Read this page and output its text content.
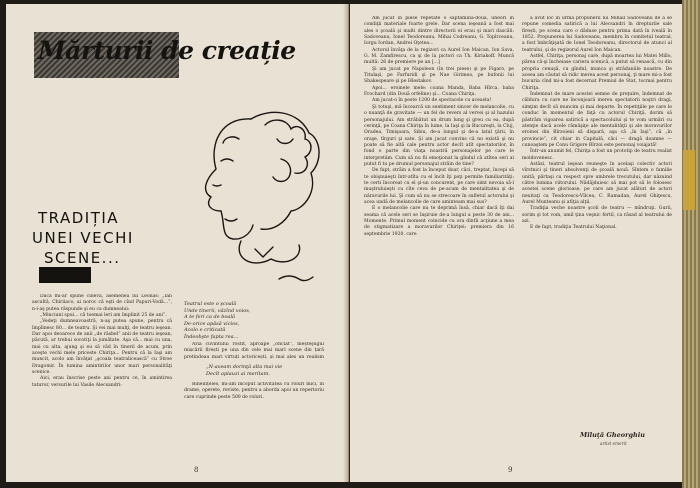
Mărturii de creație
TRADIȚIA
UNEI VECHI
SCENE...

Dacă mi-ar spune cineva, asemenea lui Leonas: „Ian ascultă, Chiriiaco, ai noroc că eşti de cînd Papuri-Vodă...”, n-i-aş putea răspunde şi eu ca dumnealui:

„Minciuni spui... că toemai leri am împlinit 25 de ani”.

„Vedeţi dumneavoastră, n-aş putea spune, pentru că împlinesc 80... de teatru. Şi vei mai mulţi, de teatru ieşean. Dar apoi deoarece de anii „de răsbel” anii de teatru ieşean, păcută, ar trebui socotiţi la jumătate. Aşa că... mai cu una, mai cu alta, ajung şi eu să văd în tinerii de acum, prin aceşte vechi mele priceste Chiriţa... Pentru că la Iaşi am muncit, acolo am învăţat „şcoala teatralicească” cu Stroe Dragomir. În lumina amintirilor unor mari personalităţi scenice.

Aici, erau înscrise peste ani pentru ce, în amintirea taturor, versurile lui Vasile Alecsandri:

Teatrul este o şcoală
Unde tinerii, văzînd voios,
A te feri ca de boală
De-orice apăsă vicios,
Acolo e criticată
Îndeobşte fapta rea...

Aria cuvîntului rostit, aproape „oficiat”, meșteşugul mișcării firești pe una din cele mai mari scene din țară pretindeau mari virtuți actoricești, și mai ales un realism

„N-aveam dorinţă alta mai vie
Decît aplauzi ai meritam.

Bineînțeles, mi-am încoput activitatea cu roluri mici, în drame, operete, reviste, pentru a aborda apoi un repertoriu care cuprinde peste 500 de roluri.

8

Am jucat în piese repetate o săptămînă-două, uneori în condiţii materiale foarte grele. Dar scena ieşeană a fost mai ales o şcoală şi multi dintre directorii ei erau şi mari dascăli: Sadoveanu, Ionel Teodoreanu, Mihai Codreanu, G. Topîrceanu, Iorgu Iordan, Andrei Oţetea...

Actorul învăţa de la regizori ca Aurel Ion Maican, Ion Sava, G. M. Zamfirescu, ca şi de la pictori ca Th. Kiriakoff. Muncă multă: 26 de premiere pe an [...]

Şi am jucat pe Napoleon (în trei piese) şi pe Figaro, pe Titulaşi, pe Farfuridi şi pe Nae Girimea, pe bufonii lui Shakespeare şi pe Hlestakov.

Apoi... eroinele mele: coana Manda, Baba Hîrca, baba Frochard (din Două orfeline) şi... Coana Chiriţa.

Am jucat-o în peste 1200 de spectacole cu aceasta!

Şi totuşi, mă încearcă un sentiment sincer de melancolie, cu o nuanţă de gravitate — un fel de revers al vervei şi al hazului personajului. Am străbătut un drum lung şi greu cu ea, după cerinţă, pe Coana Chiriţa în lume, la Iaşi şi la Bucureşti, la Cluj, Oradea, Timişoara, Sibiu, de-a lungul şi de-a latul ţării, în oraşe, tîrguri şi sate. Şi am jucat convins că nu există şi nu poate să fie altă cale pentru actor decît atît spectatorilor, în fond o parte din viaţa noastră personajelor pe care le interpretăm. Cum să nu fii emoţionat la gîndul că atîtea seri ai putut fi tu pe drumul personajul străin de tine?

De fapt, străin a fost la început doar, căci, treptat, începi să te obişnuieşti într-atîta cu el încît îţi poţi permite familiarităţi: te certi încoreat cu el şi-un concurent, pe care simt nevoia să-l muştruluieşti cu cîte ceva de pe-acum de mentalitatea şi de năravurile lui. Şi cum să nu se strecoare în sufletul actorului şi acea undă de melancolie de care aminteam mai sus?

E o melancolie care nu te deprimă însă, chiar dacă îţi dai seama că acele seri se înşiruie de-a lungul a peste 30 de ani... Momente. Primul moment coincide cu ora dintîi acţiune a mea de stigmatizare a moravurilor Chiriţei: premiera din 16 septembrie 1920, care

a avut loc în urma propunerii lui Mihail Sadoveanu de a se repune comedia satirică a lui Alecsandri în drepturile sale firești, pe scena care o dăduse pentru prima dată în iveală în 1852. Propunerea lui Sadoveanu, membru în comitetul teatral, a fost îmbrăţişată de Ionel Teodoreanu, directorul de atunci al teatrului, şi de regizorul Aurel Ion Maican.

Astfel, Chiriţa, personaj care, după moartea lui Matei Millo, părea că-şi încheiase cariera scenică, a putut să renască, cu din propria cenuşă, cu gîndul, munca şi strădaniile noastre. De aceea am căutat să ridic merea acest personaj, ţi mare mi-a fost bucuria cînd mi-a fost decernat Premiul de Stat, tocmai pentru Chiriţa.

Îndemnat de mare acestei semne de preţuire, îndemnat de căldura cu care ne înconjoară mereu spectatorii noştri dragi, simţim decît să muncim şi mai departe. În repetiţiile pe care le conduc în momentul de faţă cu actorul Chiriţă, dorim să păstrăm vigoarea satirică a spectacolului şi te vom urmări cu atenţie dacă acele rămăşiţe ale mentalităţii şi ale moravurilor eroinei din Bîrzoieni să dispară, aşa că „în Iaşi”, că „în provincie”, cit chiar in Capitală, căci — dragă doamne — cunoaştem pe Conu Grigore Bîrzoi este personaj voiajată!

Într-un anumit fel, Chiriţa a fost un prototip de teatru realist moldovenesc.

Astăzi, teatrul ieşean reuneşte în acelaşi colectiv actori vîrstnici şi tineri absolvenţi de şcoală nouă. Sîntem o familie unită, părtaşi cu respect spre umbrele trecutului, dar năzuind către lumina viitorului. Nădăjduiesc să mai pot să le folosesc acestei scene glorioase, pe care am jucat alături de actori neuitaţi ca Teodorescu-Vîlcea, C. Ramadan, Aurel Ghiţescu, Aurel Munteanu şi atîţia alţii.

Tradiţia veche noastre şcoli de teatru — mîndruţi. Gurii, sorim şi tot vom, umil ţina veşnic fertil, ca răsad al teatrului de azi.

E de fapt, tradiţia Teatrului Naţional.

Miluţă Gheorghiu
artist emerit
9
